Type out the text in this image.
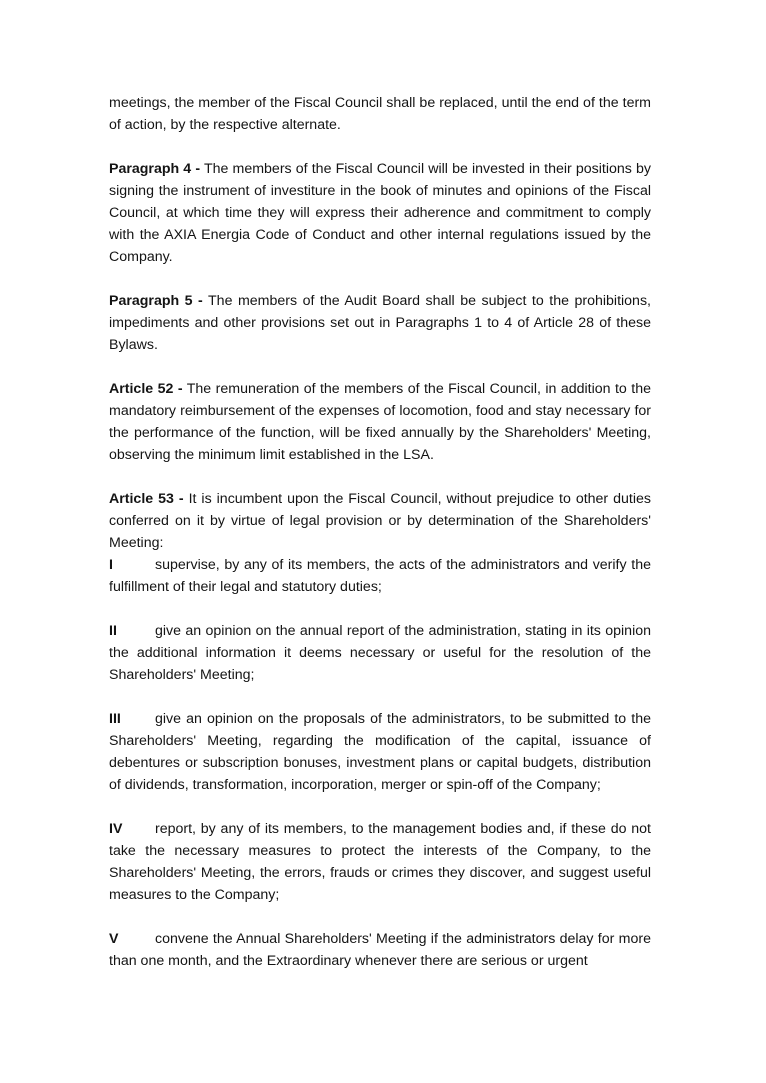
meetings, the member of the Fiscal Council shall be replaced, until the end of the term of action, by the respective alternate.

Paragraph 4 - The members of the Fiscal Council will be invested in their positions by signing the instrument of investiture in the book of minutes and opinions of the Fiscal Council, at which time they will express their adherence and commitment to comply with the AXIA Energia Code of Conduct and other internal regulations issued by the Company.

Paragraph 5 - The members of the Audit Board shall be subject to the prohibitions, impediments and other provisions set out in Paragraphs 1 to 4 of Article 28 of these Bylaws.

Article 52 - The remuneration of the members of the Fiscal Council, in addition to the mandatory reimbursement of the expenses of locomotion, food and stay necessary for the performance of the function, will be fixed annually by the Shareholders' Meeting, observing the minimum limit established in the LSA.

Article 53 - It is incumbent upon the Fiscal Council, without prejudice to other duties conferred on it by virtue of legal provision or by determination of the Shareholders' Meeting:

I	supervise, by any of its members, the acts of the administrators and verify the fulfillment of their legal and statutory duties;

II	give an opinion on the annual report of the administration, stating in its opinion the additional information it deems necessary or useful for the resolution of the Shareholders' Meeting;

III give an opinion on the proposals of the administrators, to be submitted to the Shareholders' Meeting, regarding the modification of the capital, issuance of debentures or subscription bonuses, investment plans or capital budgets, distribution of dividends, transformation, incorporation, merger or spin-off of the Company;

IV report, by any of its members, to the management bodies and, if these do not take the necessary measures to protect the interests of the Company, to the Shareholders' Meeting, the errors, frauds or crimes they discover, and suggest useful measures to the Company;

V	convene the Annual Shareholders' Meeting if the administrators delay for more than one month, and the Extraordinary whenever there are serious or urgent
